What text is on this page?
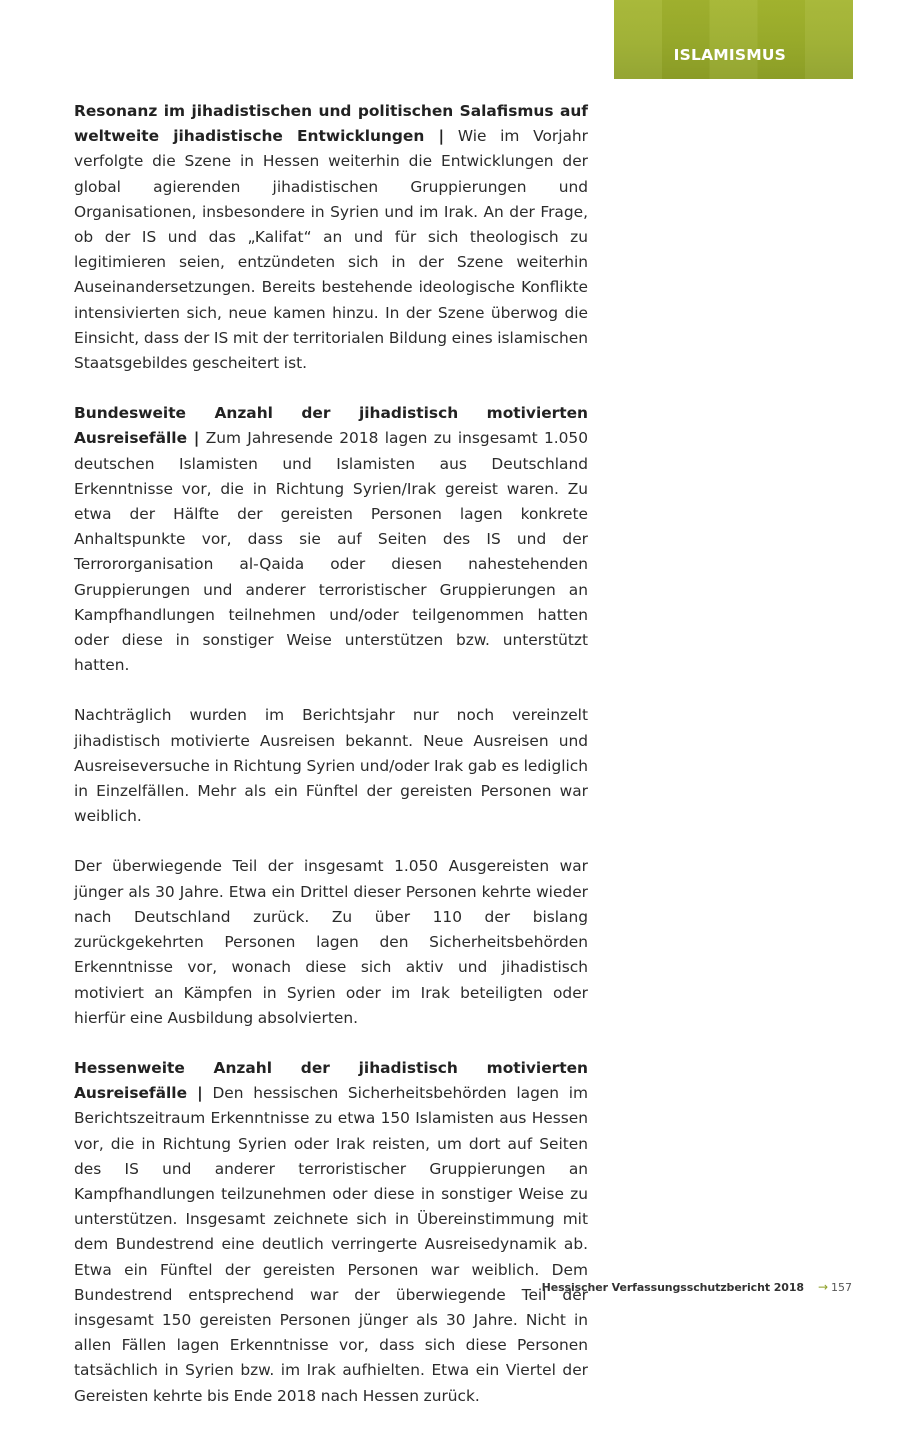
ISLAMISMUS

Resonanz im jihadistischen und politischen Salafismus auf weltweite jihadistische Entwicklungen | Wie im Vorjahr verfolgte die Szene in Hessen weiterhin die Entwicklungen der global agierenden jihadistischen Gruppierungen und Organisationen, insbesondere in Syrien und im Irak. An der Frage, ob der IS und das „Kalifat“ an und für sich theologisch zu legitimieren seien, entzündeten sich in der Szene weiterhin Auseinandersetzungen. Bereits bestehende ideologische Konflikte intensivierten sich, neue kamen hinzu. In der Szene überwog die Einsicht, dass der IS mit der territorialen Bildung eines islamischen Staatsgebildes gescheitert ist.

Bundesweite Anzahl der jihadistisch motivierten Ausreisefälle | Zum Jahresende 2018 lagen zu insgesamt 1.050 deutschen Islamisten und Islamisten aus Deutschland Erkenntnisse vor, die in Richtung Syrien/Irak gereist waren. Zu etwa der Hälfte der gereisten Personen lagen konkrete Anhaltspunkte vor, dass sie auf Seiten des IS und der Terrororganisation al-Qaida oder diesen nahestehenden Gruppierungen und anderer terroristischer Gruppierungen an Kampfhandlungen teilnehmen und/oder teilgenommen hatten oder diese in sonstiger Weise unterstützen bzw. unterstützt hatten.

Nachträglich wurden im Berichtsjahr nur noch vereinzelt jihadistisch motivierte Ausreisen bekannt. Neue Ausreisen und Ausreiseversuche in Richtung Syrien und/oder Irak gab es lediglich in Einzelfällen. Mehr als ein Fünftel der gereisten Personen war weiblich.

Der überwiegende Teil der insgesamt 1.050 Ausgereisten war jünger als 30 Jahre. Etwa ein Drittel dieser Personen kehrte wieder nach Deutschland zurück. Zu über 110 der bislang zurückgekehrten Personen lagen den Sicherheitsbehörden Erkenntnisse vor, wonach diese sich aktiv und jihadistisch motiviert an Kämpfen in Syrien oder im Irak beteiligten oder hierfür eine Ausbildung absolvierten.

Hessenweite Anzahl der jihadistisch motivierten Ausreisefälle | Den hessischen Sicherheitsbehörden lagen im Berichtszeitraum Erkenntnisse zu etwa 150 Islamisten aus Hessen vor, die in Richtung Syrien oder Irak reisten, um dort auf Seiten des IS und anderer terroristischer Gruppierungen an Kampfhandlungen teilzunehmen oder diese in sonstiger Weise zu unterstützen. Insgesamt zeichnete sich in Übereinstimmung mit dem Bundestrend eine deutlich verringerte Ausreisedynamik ab. Etwa ein Fünftel der gereisten Personen war weiblich. Dem Bundestrend entsprechend war der überwiegende Teil der insgesamt 150 gereisten Personen jünger als 30 Jahre. Nicht in allen Fällen lagen Erkenntnisse vor, dass sich diese Personen tatsächlich in Syrien bzw. im Irak aufhielten. Etwa ein Viertel der Gereisten kehrte bis Ende 2018 nach Hessen zurück.

Hessischer Verfassungsschutzbericht 2018 → 157
